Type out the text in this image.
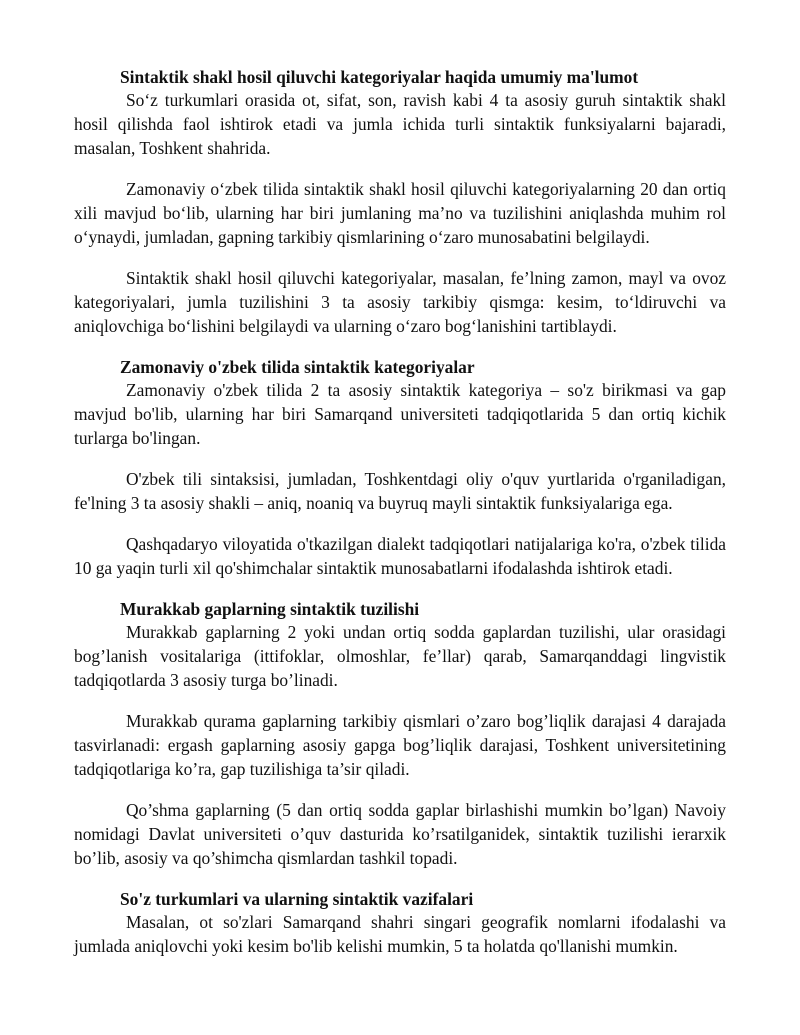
Sintaktik shakl hosil qiluvchi kategoriyalar haqida umumiy ma'lumot

So‘z turkumlari orasida ot, sifat, son, ravish kabi 4 ta asosiy guruh sintaktik shakl hosil qilishda faol ishtirok etadi va jumla ichida turli sintaktik funksiyalarni bajaradi, masalan, Toshkent shahrida.

Zamonaviy o‘zbek tilida sintaktik shakl hosil qiluvchi kategoriyalarning 20 dan ortiq xili mavjud bo‘lib, ularning har biri jumlaning ma’no va tuzilishini aniqlashda muhim rol o‘ynaydi, jumladan, gapning tarkibiy qismlarining o‘zaro munosabatini belgilaydi.

Sintaktik shakl hosil qiluvchi kategoriyalar, masalan, fe’lning zamon, mayl va ovoz kategoriyalari, jumla tuzilishini 3 ta asosiy tarkibiy qismga: kesim, to‘ldiruvchi va aniqlovchiga bo‘lishini belgilaydi va ularning o‘zaro bog‘lanishini tartiblaydi.

Zamonaviy o'zbek tilida sintaktik kategoriyalar

Zamonaviy o'zbek tilida 2 ta asosiy sintaktik kategoriya – so'z birikmasi va gap mavjud bo'lib, ularning har biri Samarqand universiteti tadqiqotlarida 5 dan ortiq kichik turlarga bo'lingan.

O'zbek tili sintaksisi, jumladan, Toshkentdagi oliy o'quv yurtlarida o'rganiladigan, fe'lning 3 ta asosiy shakli – aniq, noaniq va buyruq mayli sintaktik funksiyalariga ega.

Qashqadaryo viloyatida o'tkazilgan dialekt tadqiqotlari natijalariga ko'ra, o'zbek tilida 10 ga yaqin turli xil qo'shimchalar sintaktik munosabatlarni ifodalashda ishtirok etadi.

Murakkab gaplarning sintaktik tuzilishi

Murakkab gaplarning 2 yoki undan ortiq sodda gaplardan tuzilishi, ular orasidagi bog’lanish vositalariga (ittifoklar, olmoshlar, fe’llar) qarab, Samarqanddagi lingvistik tadqiqotlarda 3 asosiy turga bo’linadi.

Murakkab qurama gaplarning tarkibiy qismlari o’zaro bog’liqlik darajasi 4 darajada tasvirlanadi: ergash gaplarning asosiy gapga bog’liqlik darajasi, Toshkent universitetining tadqiqotlariga ko’ra, gap tuzilishiga ta’sir qiladi.

Qo’shma gaplarning (5 dan ortiq sodda gaplar birlashishi mumkin bo’lgan) Navoiy nomidagi Davlat universiteti o’quv dasturida ko’rsatilganidek, sintaktik tuzilishi ierarxik bo’lib, asosiy va qo’shimcha qismlardan tashkil topadi.

So'z turkumlari va ularning sintaktik vazifalari

Masalan, ot so'zlari Samarqand shahri singari geografik nomlarni ifodalashi va jumlada aniqlovchi yoki kesim bo'lib kelishi mumkin, 5 ta holatda qo'llanishi mumkin.
